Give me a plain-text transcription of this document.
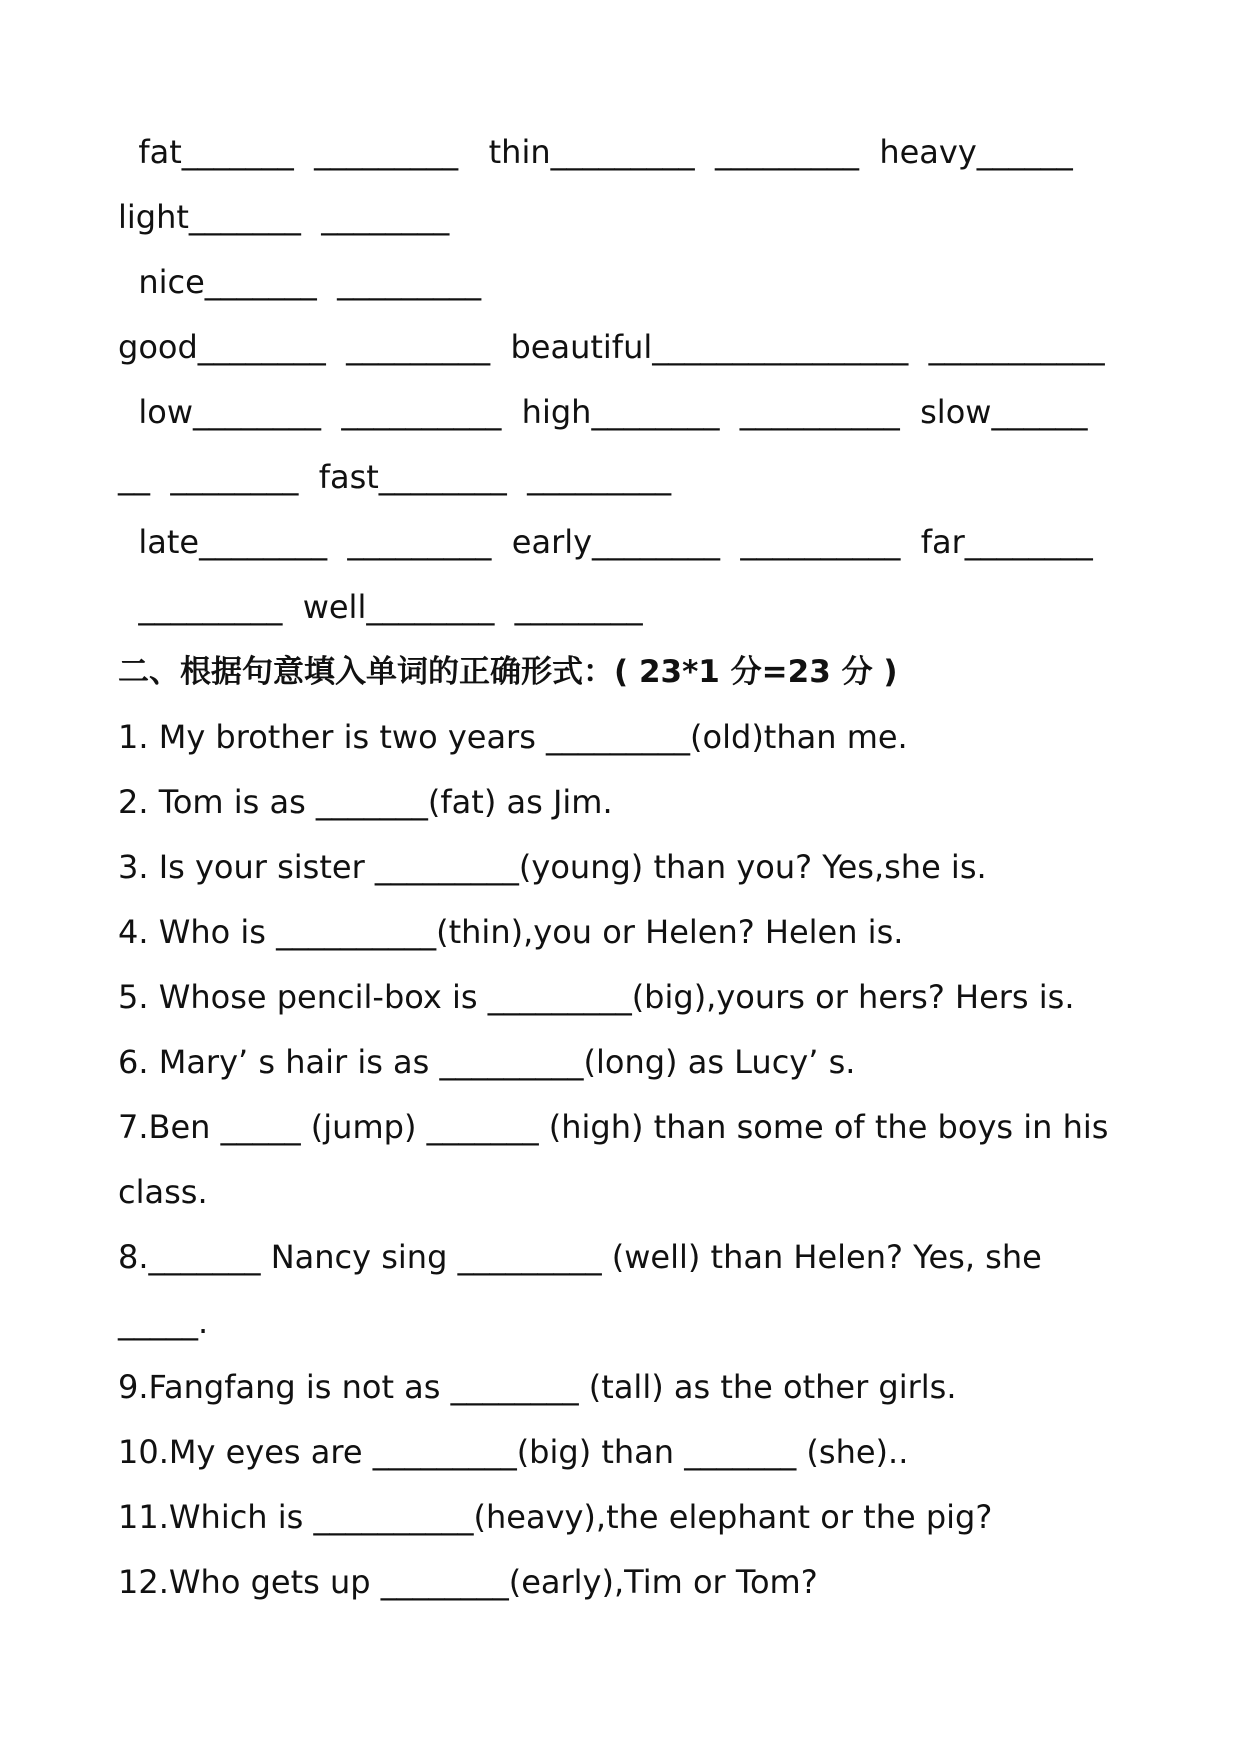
fat_______  _________   thin_________  _________  heavy______
light_______  ________
nice_______  _________
good________  _________  beautiful________________  ___________
low________  __________  high________  __________  slow______
__  ________  fast________  _________
late________  _________  early________  __________  far________
_________  well________  ________
二、根据句意填入单词的正确形式：( 23*1 分=23 分 )
1. My brother is two years _________(old)than me.
2. Tom is as _______(fat) as Jim.
3. Is your sister _________(young) than you? Yes,she is.
4. Who is __________(thin),you or Helen? Helen is.
5. Whose pencil-box is _________(big),yours or hers? Hers is.
6. Mary’ s hair is as _________(long) as Lucy’ s.
7.Ben _____ (jump) _______ (high) than some of the boys in his
class.
8._______ Nancy sing _________ (well) than Helen? Yes, she
_____.
9.Fangfang is not as ________ (tall) as the other girls.
10.My eyes are _________(big) than _______ (she)..
11.Which is __________(heavy),the elephant or the pig?
12.Who gets up ________(early),Tim or Tom?
